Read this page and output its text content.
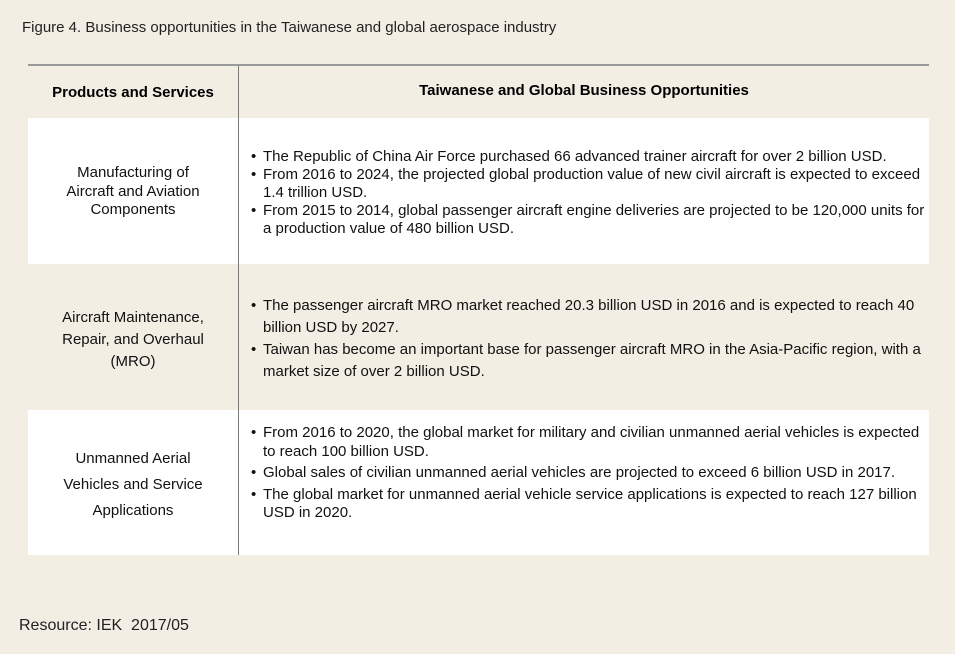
Figure 4. Business opportunities in the Taiwanese and global aerospace industry
Products and Services	Taiwanese and Global Business Opportunities
Manufacturing of Aircraft and Aviation Components
• The Republic of China Air Force purchased 66 advanced trainer aircraft for over 2 billion USD.
• From 2016 to 2024, the projected global production value of new civil aircraft is expected to exceed 1.4 trillion USD.
• From 2015 to 2014, global passenger aircraft engine deliveries are projected to be 120,000 units for a production value of 480 billion USD.
Aircraft Maintenance, Repair, and Overhaul (MRO)
• The passenger aircraft MRO market reached 20.3 billion USD in 2016 and is expected to reach 40 billion USD by 2027.
• Taiwan has become an important base for passenger aircraft MRO in the Asia-Pacific region, with a market size of over 2 billion USD.
Unmanned Aerial Vehicles and Service Applications
• From 2016 to 2020, the global market for military and civilian unmanned aerial vehicles is expected to reach 100 billion USD.
• Global sales of civilian unmanned aerial vehicles are projected to exceed 6 billion USD in 2017.
• The global market for unmanned aerial vehicle service applications is expected to reach 127 billion USD in 2020.
Resource: IEK  2017/05
